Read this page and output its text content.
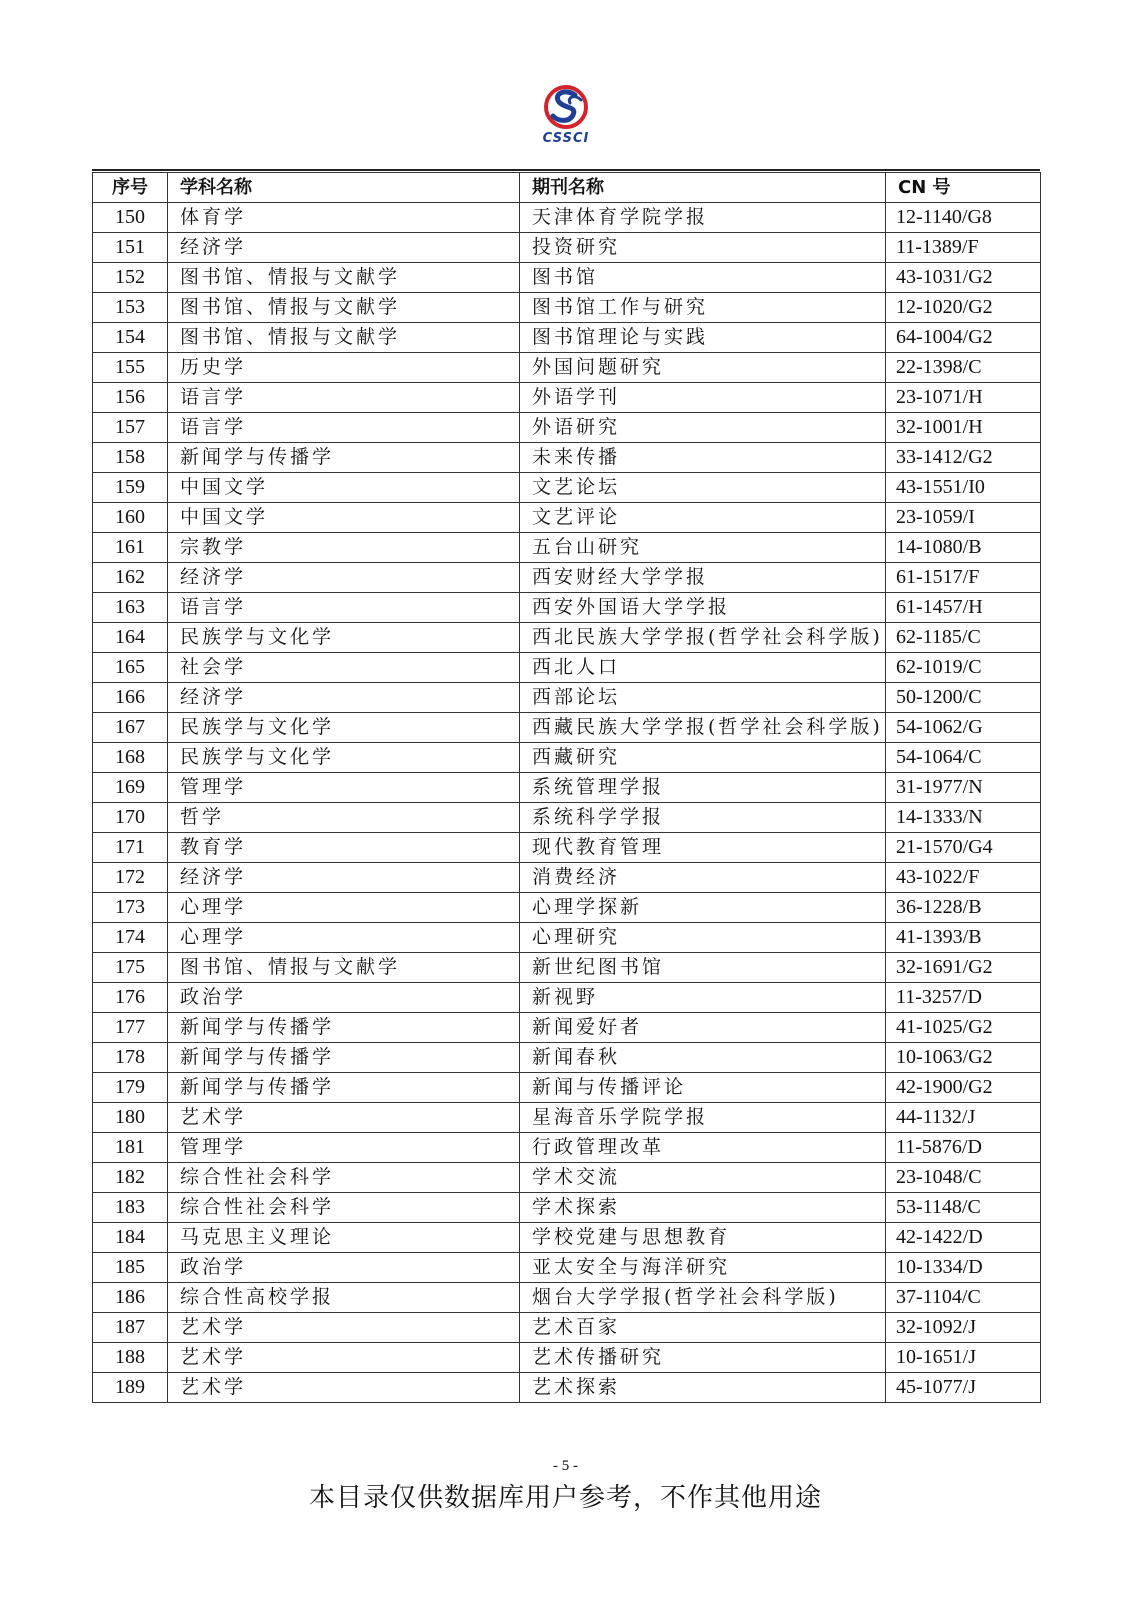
CSSCI
序号	学科名称	期刊名称	CN 号
150	体育学	天津体育学院学报	12-1140/G8
151	经济学	投资研究	11-1389/F
152	图书馆、情报与文献学	图书馆	43-1031/G2
153	图书馆、情报与文献学	图书馆工作与研究	12-1020/G2
154	图书馆、情报与文献学	图书馆理论与实践	64-1004/G2
155	历史学	外国问题研究	22-1398/C
156	语言学	外语学刊	23-1071/H
157	语言学	外语研究	32-1001/H
158	新闻学与传播学	未来传播	33-1412/G2
159	中国文学	文艺论坛	43-1551/I0
160	中国文学	文艺评论	23-1059/I
161	宗教学	五台山研究	14-1080/B
162	经济学	西安财经大学学报	61-1517/F
163	语言学	西安外国语大学学报	61-1457/H
164	民族学与文化学	西北民族大学学报(哲学社会科学版)	62-1185/C
165	社会学	西北人口	62-1019/C
166	经济学	西部论坛	50-1200/C
167	民族学与文化学	西藏民族大学学报(哲学社会科学版)	54-1062/G
168	民族学与文化学	西藏研究	54-1064/C
169	管理学	系统管理学报	31-1977/N
170	哲学	系统科学学报	14-1333/N
171	教育学	现代教育管理	21-1570/G4
172	经济学	消费经济	43-1022/F
173	心理学	心理学探新	36-1228/B
174	心理学	心理研究	41-1393/B
175	图书馆、情报与文献学	新世纪图书馆	32-1691/G2
176	政治学	新视野	11-3257/D
177	新闻学与传播学	新闻爱好者	41-1025/G2
178	新闻学与传播学	新闻春秋	10-1063/G2
179	新闻学与传播学	新闻与传播评论	42-1900/G2
180	艺术学	星海音乐学院学报	44-1132/J
181	管理学	行政管理改革	11-5876/D
182	综合性社会科学	学术交流	23-1048/C
183	综合性社会科学	学术探索	53-1148/C
184	马克思主义理论	学校党建与思想教育	42-1422/D
185	政治学	亚太安全与海洋研究	10-1334/D
186	综合性高校学报	烟台大学学报(哲学社会科学版)	37-1104/C
187	艺术学	艺术百家	32-1092/J
188	艺术学	艺术传播研究	10-1651/J
189	艺术学	艺术探索	45-1077/J
- 5 -
本目录仅供数据库用户参考，不作其他用途
